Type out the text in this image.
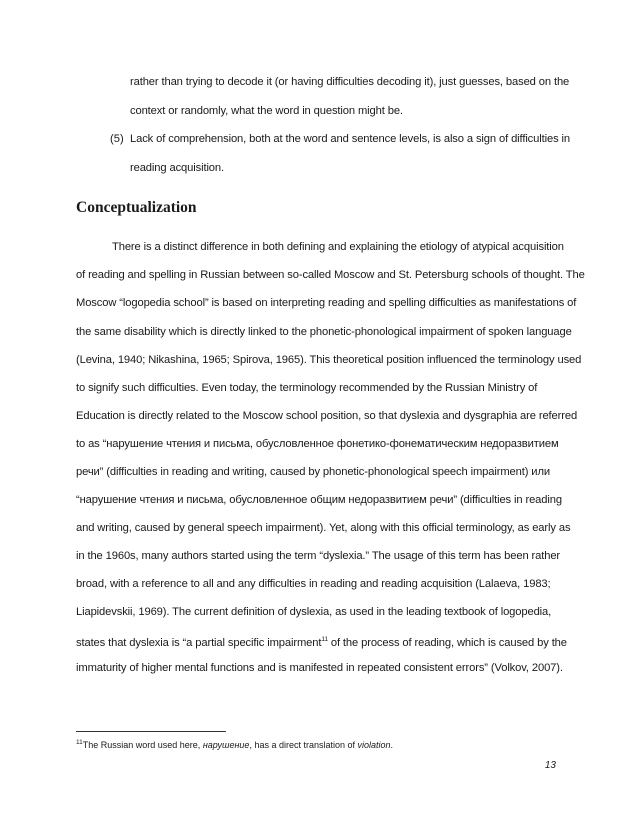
rather than trying to decode it (or having difficulties decoding it), just guesses, based on the
context or randomly, what the word in question might be.
(5) Lack of comprehension, both at the word and sentence levels, is also a sign of difficulties in
reading acquisition.
Conceptualization
There is a distinct difference in both defining and explaining the etiology of atypical acquisition
of reading and spelling in Russian between so-called Moscow and St. Petersburg schools of thought. The
Moscow “logopedia school” is based on interpreting reading and spelling difficulties as manifestations of
the same disability which is directly linked to the phonetic-phonological impairment of spoken language
(Levina, 1940; Nikashina, 1965; Spirova, 1965). This theoretical position influenced the terminology used
to signify such difficulties. Even today, the terminology recommended by the Russian Ministry of
Education is directly related to the Moscow school position, so that dyslexia and dysgraphia are referred
to as “нарушение чтения и письма, обусловленное фонетико-фонематическим недоразвитием
речи” (difficulties in reading and writing, caused by phonetic-phonological speech impairment) или
“нарушение чтения и письма, обусловленное общим недоразвитием речи” (difficulties in reading
and writing, caused by general speech impairment). Yet, along with this official terminology, as early as
in the 1960s, many authors started using the term “dyslexia.” The usage of this term has been rather
broad, with a reference to all and any difficulties in reading and reading acquisition (Lalaeva, 1983;
Liapidevskii, 1969). The current definition of dyslexia, as used in the leading textbook of logopedia,
states that dyslexia is “a partial specific impairment$^{11}$ of the process of reading, which is caused by the
immaturity of higher mental functions and is manifested in repeated consistent errors” (Volkov, 2007).
$^{11}$The Russian word used here, нарушение, has a direct translation of violation.
13
